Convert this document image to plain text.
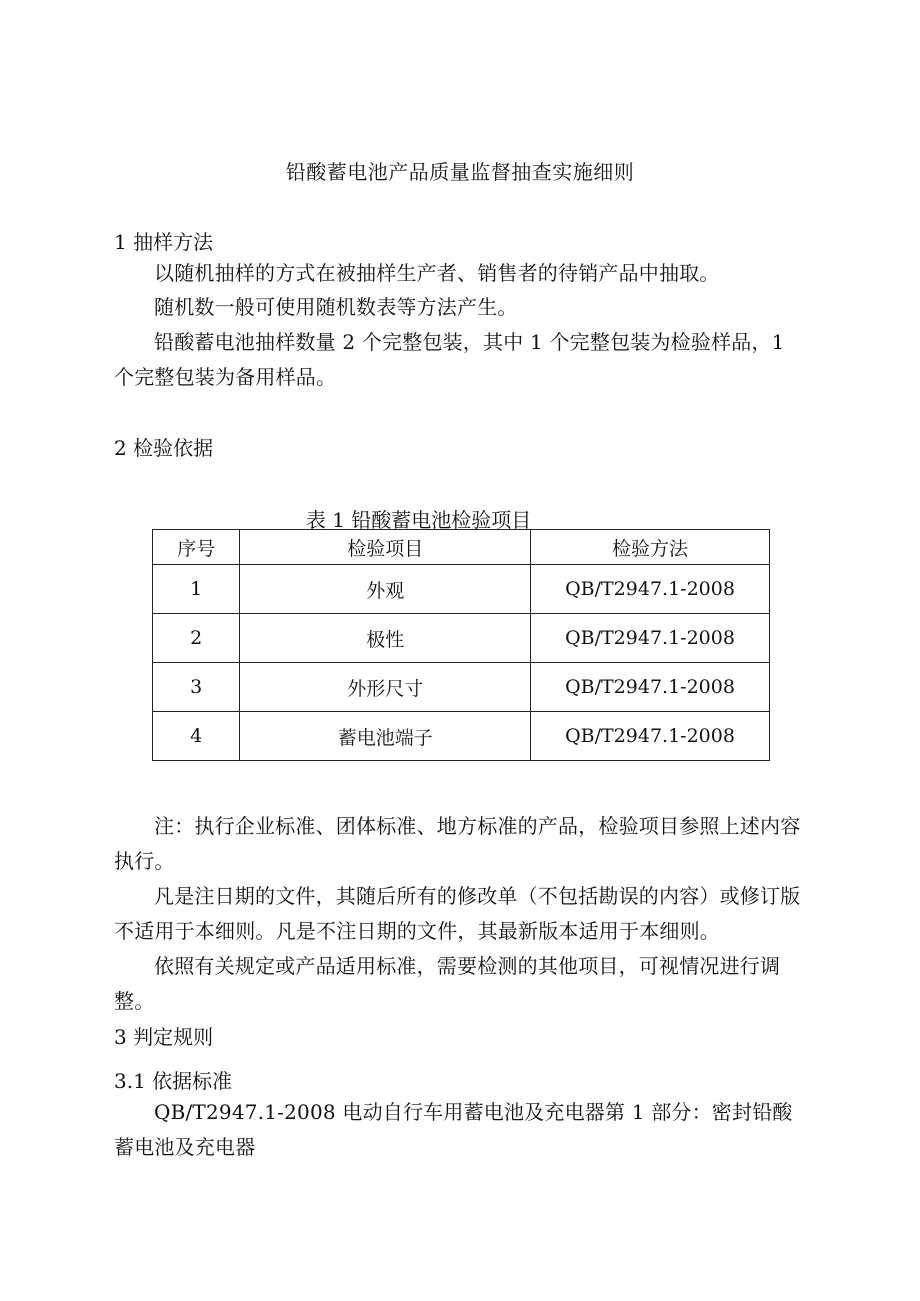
铅酸蓄电池产品质量监督抽查实施细则
1 抽样方法
以随机抽样的方式在被抽样生产者、销售者的待销产品中抽取。
随机数一般可使用随机数表等方法产生。
铅酸蓄电池抽样数量 2 个完整包装，其中 1 个完整包装为检验样品，1 个完整包装为备用样品。
2 检验依据
表 1 铅酸蓄电池检验项目
序号	检验项目	检验方法
1	外观	QB/T2947.1-2008
2	极性	QB/T2947.1-2008
3	外形尺寸	QB/T2947.1-2008
4	蓄电池端子	QB/T2947.1-2008
注：执行企业标准、团体标准、地方标准的产品，检验项目参照上述内容执行。
凡是注日期的文件，其随后所有的修改单（不包括勘误的内容）或修订版不适用于本细则。凡是不注日期的文件，其最新版本适用于本细则。
依照有关规定或产品适用标准，需要检测的其他项目，可视情况进行调整。
3 判定规则
3.1 依据标准
QB/T2947.1-2008 电动自行车用蓄电池及充电器第 1 部分：密封铅酸蓄电池及充电器
